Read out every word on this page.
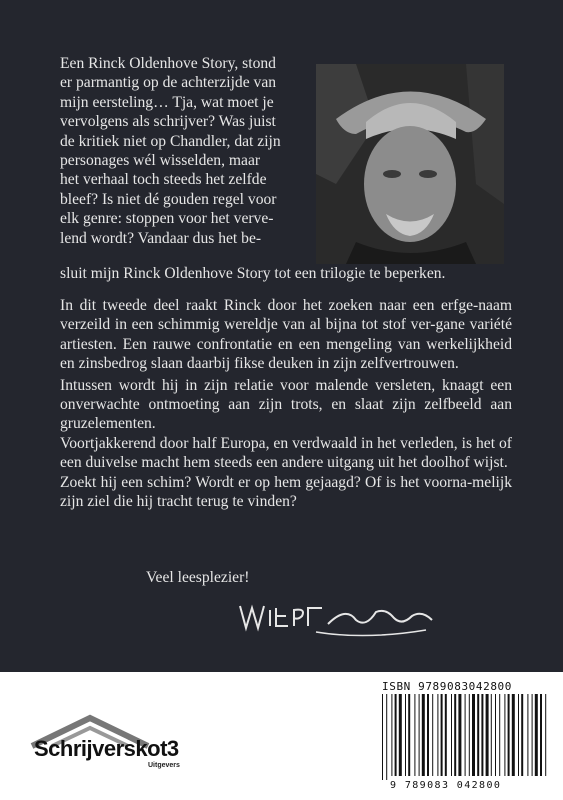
Een Rinck Oldenhove Story, stond
er parmantig op de achterzijde van
mijn eersteling… Tja, wat moet je
vervolgens als schrijver? Was juist
de kritiek niet op Chandler, dat zijn
personages wél wisselden, maar
het verhaal toch steeds het zelfde
bleef? Is niet dé gouden regel voor
elk genre: stoppen voor het verve-
lend wordt? Vandaar dus het be-
sluit mijn Rinck Oldenhove Story tot een trilogie te beperken.

In dit tweede deel raakt Rinck door het zoeken naar een erfge-naam verzeild in een schimmig wereldje van al bijna tot stof ver-gane variété artiesten. Een rauwe confrontatie en een mengeling van werkelijkheid en zinsbedrog slaan daarbij fikse deuken in zijn zelfvertrouwen.

Intussen wordt hij in zijn relatie voor malende versleten, knaagt een onverwachte ontmoeting aan zijn trots, en slaat zijn zelfbeeld aan gruzelementen.

Voortjakkerend door half Europa, en verdwaald in het verleden, is het of een duivelse macht hem steeds een andere uitgang uit het doolhof wijst.

Zoekt hij een schim? Wordt er op hem gejaagd? Of is het voorna-melijk zijn ziel die hij tracht terug te vinden?

Veel leesplezier!
Schrijverskot3
Uitgevers
ISBN 9789083042800
9 789083 042800
